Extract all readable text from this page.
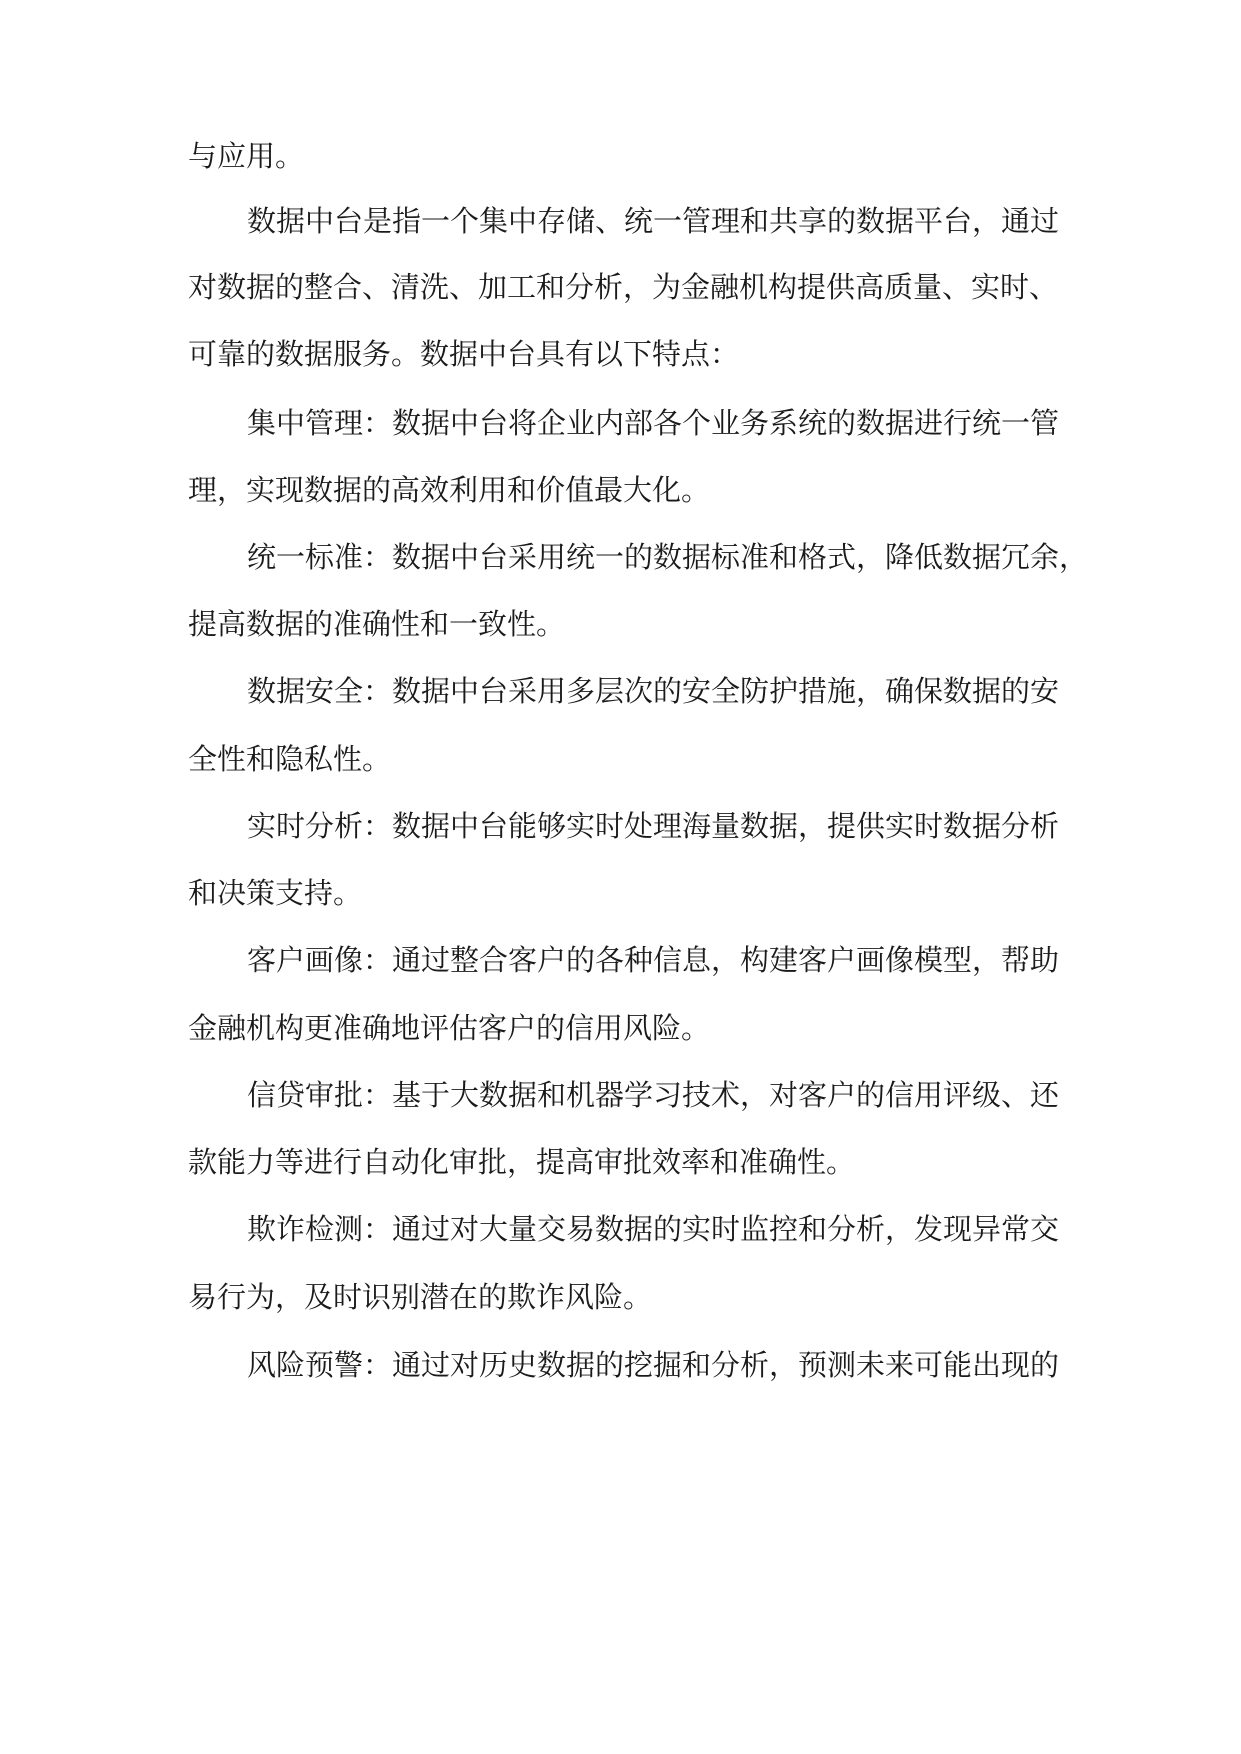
与应用。

数据中台是指一个集中存储、统一管理和共享的数据平台，通过

对数据的整合、清洗、加工和分析，为金融机构提供高质量、实时、

可靠的数据服务。数据中台具有以下特点：

集中管理：数据中台将企业内部各个业务系统的数据进行统一管

理，实现数据的高效利用和价值最大化。

统一标准：数据中台采用统一的数据标准和格式，降低数据冗余，

提高数据的准确性和一致性。

数据安全：数据中台采用多层次的安全防护措施，确保数据的安

全性和隐私性。

实时分析：数据中台能够实时处理海量数据，提供实时数据分析

和决策支持。

客户画像：通过整合客户的各种信息，构建客户画像模型，帮助

金融机构更准确地评估客户的信用风险。

信贷审批：基于大数据和机器学习技术，对客户的信用评级、还

款能力等进行自动化审批，提高审批效率和准确性。

欺诈检测：通过对大量交易数据的实时监控和分析，发现异常交

易行为，及时识别潜在的欺诈风险。

风险预警：通过对历史数据的挖掘和分析，预测未来可能出现的
